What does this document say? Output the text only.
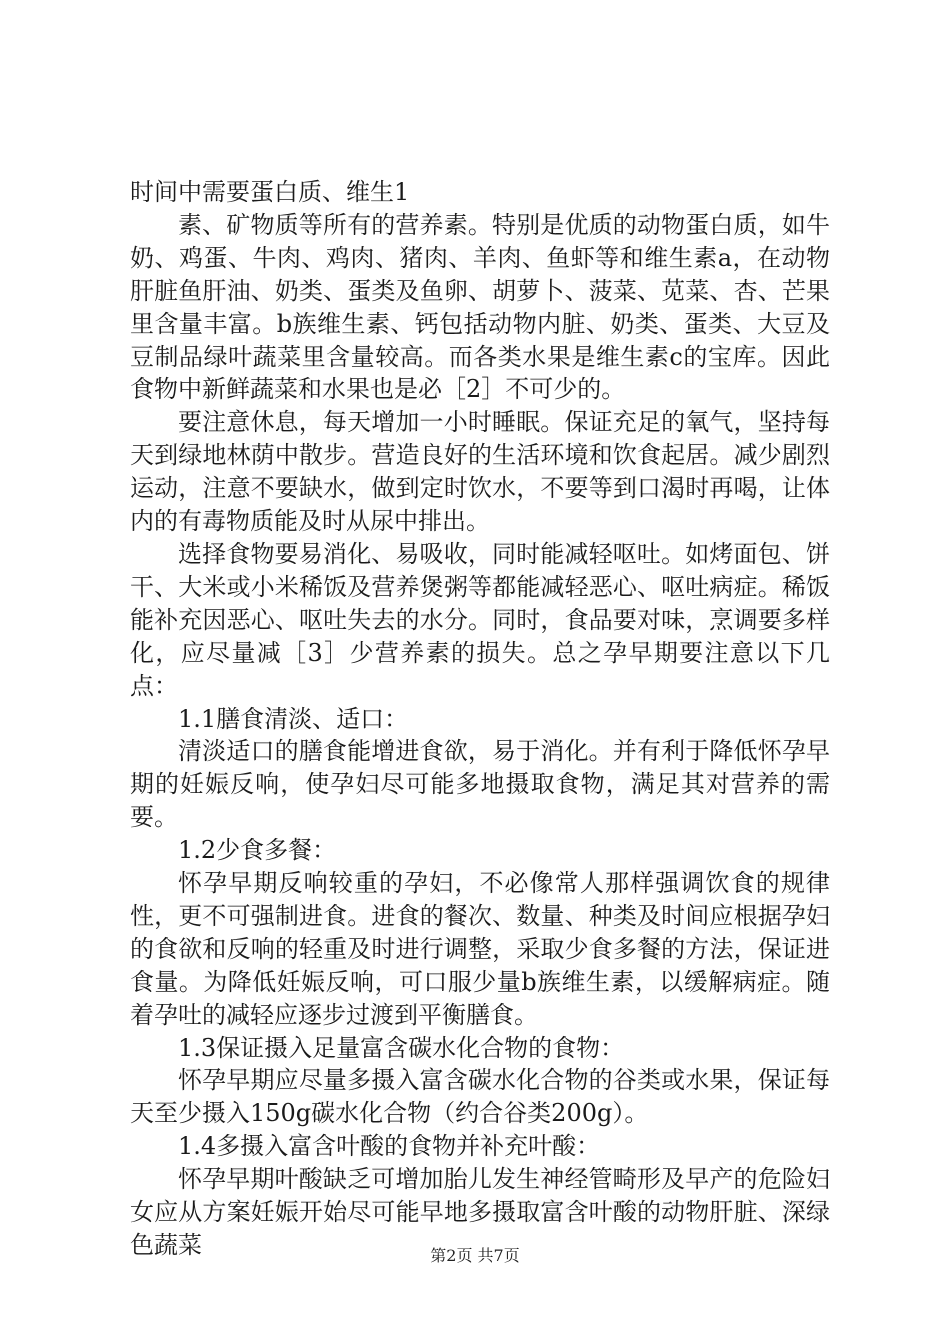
时间中需要蛋白质、维生1

素、矿物质等所有的营养素。特别是优质的动物蛋白质，如牛奶、鸡蛋、牛肉、鸡肉、猪肉、羊肉、鱼虾等和维生素a，在动物肝脏鱼肝油、奶类、蛋类及鱼卵、胡萝卜、菠菜、苋菜、杏、芒果里含量丰富。b族维生素、钙包括动物内脏、奶类、蛋类、大豆及豆制品绿叶蔬菜里含量较高。而各类水果是维生素c的宝库。因此食物中新鲜蔬菜和水果也是必［2］不可少的。

要注意休息，每天增加一小时睡眠。保证充足的氧气，坚持每天到绿地林荫中散步。营造良好的生活环境和饮食起居。减少剧烈运动，注意不要缺水，做到定时饮水，不要等到口渴时再喝，让体内的有毒物质能及时从尿中排出。

选择食物要易消化、易吸收，同时能减轻呕吐。如烤面包、饼干、大米或小米稀饭及营养煲粥等都能减轻恶心、呕吐病症。稀饭能补充因恶心、呕吐失去的水分。同时，食品要对味，烹调要多样化，应尽量减［3］少营养素的损失。总之孕早期要注意以下几点：

1.1膳食清淡、适口：

清淡适口的膳食能增进食欲，易于消化。并有利于降低怀孕早期的妊娠反响，使孕妇尽可能多地摄取食物，满足其对营养的需要。

1.2少食多餐：

怀孕早期反响较重的孕妇，不必像常人那样强调饮食的规律性，更不可强制进食。进食的餐次、数量、种类及时间应根据孕妇的食欲和反响的轻重及时进行调整，采取少食多餐的方法，保证进食量。为降低妊娠反响，可口服少量b族维生素，以缓解病症。随着孕吐的减轻应逐步过渡到平衡膳食。

1.3保证摄入足量富含碳水化合物的食物：

怀孕早期应尽量多摄入富含碳水化合物的谷类或水果，保证每天至少摄入150g碳水化合物（约合谷类200g）。

1.4多摄入富含叶酸的食物并补充叶酸：

怀孕早期叶酸缺乏可增加胎儿发生神经管畸形及早产的危险妇女应从方案妊娠开始尽可能早地多摄取富含叶酸的动物肝脏、深绿色蔬菜	第2页 共7页
